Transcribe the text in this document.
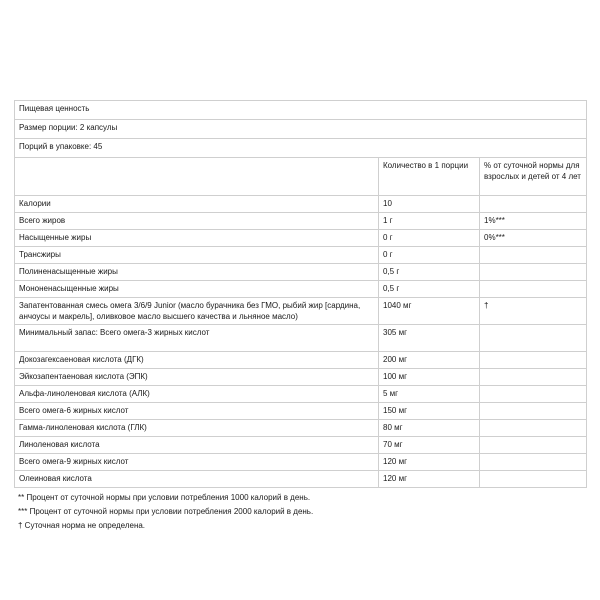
Пищевая ценность		
Размер порции: 2 капсулы		
Порций в упаковке: 45		
	Количество в 1 порции	% от суточной нормы для взрослых и детей от 4 лет
Калории	10	
Всего жиров	1 г	1%***
Насыщенные жиры	0 г	0%***
Трансжиры	0 г	
Полиненасыщенные жиры	0,5 г	
Мононенасыщенные жиры	0,5 г	
Запатентованная смесь омега 3/6/9 Junior (масло бурачника без ГМО, рыбий жир [сардина, анчоусы и макрель], оливковое масло высшего качества и льняное масло)	1040 мг	†
Минимальный запас: Всего омега-3 жирных кислот	305 мг	
Докозагексаеновая кислота (ДГК)	200 мг	
Эйкозапентаеновая кислота (ЭПК)	100 мг	
Альфа-линоленовая кислота (АЛК)	5 мг	
Всего омега-6 жирных кислот	150 мг	
Гамма-линоленовая кислота (ГЛК)	80 мг	
Линоленовая кислота	70 мг	
Всего омега-9 жирных кислот	120 мг	
Олеиновая кислота	120 мг	
** Процент от суточной нормы при условии потребления 1000 калорий в день.
*** Процент от суточной нормы при условии потребления 2000 калорий в день.
† Суточная норма не определена.
